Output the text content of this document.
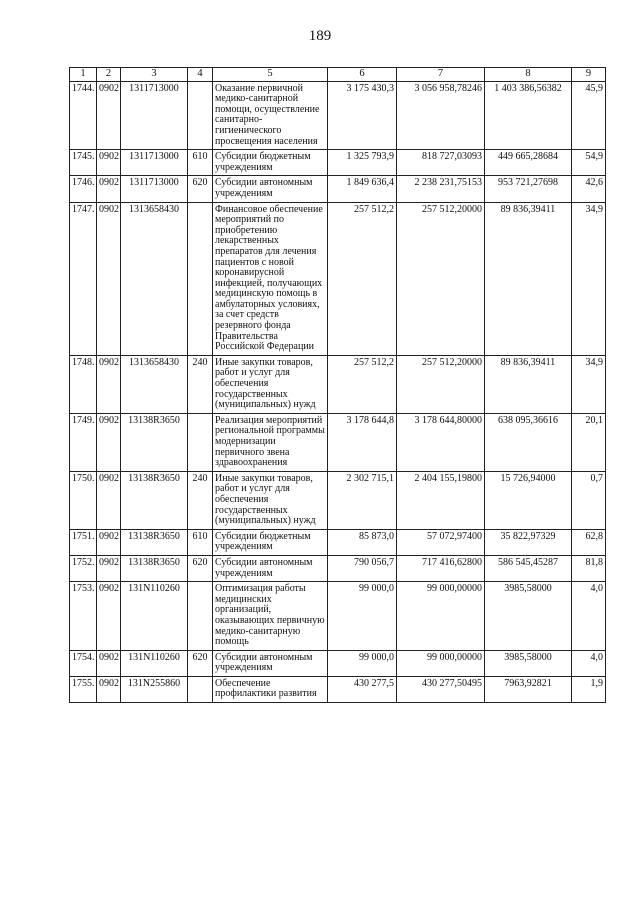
189
1	2	3	4	5	6	7	8	9
1744.	0902	1311713000		Оказание первичной медико-санитарной помощи, осуществление санитарно-гигиенического просвещения населения	3 175 430,3	3 056 958,78246	1 403 386,56382	45,9
1745.	0902	1311713000	610	Субсидии бюджетным учреждениям	1 325 793,9	818 727,03093	449 665,28684	54,9
1746.	0902	1311713000	620	Субсидии автономным учреждениям	1 849 636,4	2 238 231,75153	953 721,27698	42,6
1747.	0902	1313658430		Финансовое обеспечение мероприятий по приобретению лекарственных препаратов для лечения пациентов с новой коронавирусной инфекцией, получающих медицинскую помощь в амбулаторных условиях, за счет средств резервного фонда Правительства Российской Федерации	257 512,2	257 512,20000	89 836,39411	34,9
1748.	0902	1313658430	240	Иные закупки товаров, работ и услуг для обеспечения государственных (муниципальных) нужд	257 512,2	257 512,20000	89 836,39411	34,9
1749.	0902	13138R3650		Реализация мероприятий региональной программы модернизации первичного звена здравоохранения	3 178 644,8	3 178 644,80000	638 095,36616	20,1
1750.	0902	13138R3650	240	Иные закупки товаров, работ и услуг для обеспечения государственных (муниципальных) нужд	2 302 715,1	2 404 155,19800	15 726,94000	0,7
1751.	0902	13138R3650	610	Субсидии бюджетным учреждениям	85 873,0	57 072,97400	35 822,97329	62,8
1752.	0902	13138R3650	620	Субсидии автономным учреждениям	790 056,7	717 416,62800	586 545,45287	81,8
1753.	0902	131N110260		Оптимизация работы медицинских организаций, оказывающих первичную медико-санитарную помощь	99 000,0	99 000,00000	3985,58000	4,0
1754.	0902	131N110260	620	Субсидии автономным учреждениям	99 000,0	99 000,00000	3985,58000	4,0
1755.	0902	131N255860		Обеспечение профилактики развития	430 277,5	430 277,50495	7963,92821	1,9
